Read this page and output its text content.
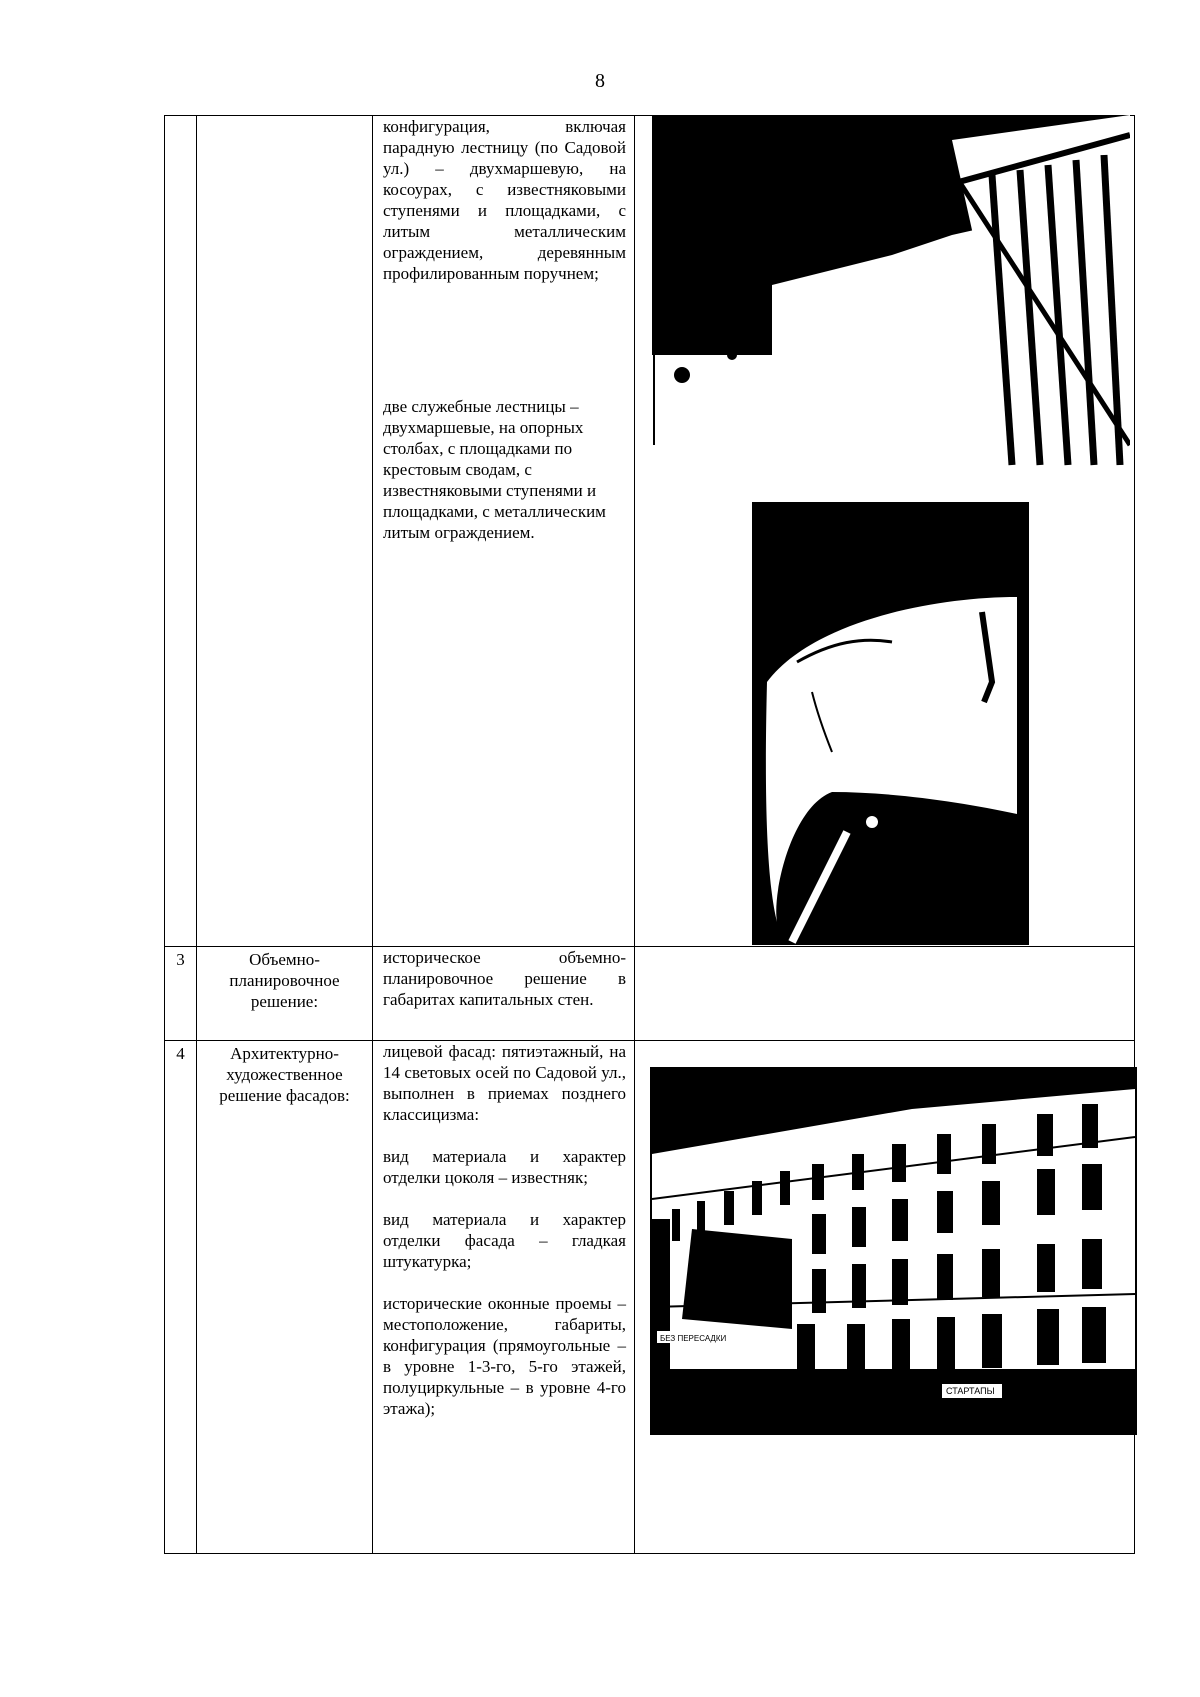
8

		конфигурация, включая парадную лестницу (по Садовой ул.) – двухмаршевую, на косоурах, с известняковыми ступенями и площадками, с литым металлическим ограждением, деревянным профилированным поручнем;

две служебные лестницы – двухмаршевые, на опорных столбах, с площадками по крестовым сводам, с известняковыми ступенями и площадками, с металлическим литым ограждением.	

3	Объемно-планировочное решение:	историческое объемно-планировочное решение в габаритах капитальных стен.	

4	Архитектурно-художественное решение фасадов:	лицевой фасад: пятиэтажный, на 14 световых осей по Садовой ул., выполнен в приемах позднего классицизма:

вид материала и характер отделки цоколя – известняк;

вид материала и характер отделки фасада – гладкая штукатурка;

исторические оконные проемы – местоположение, габариты, конфигурация (прямоугольные – в уровне 1-3-го, 5-го этажей, полуциркульные – в уровне 4-го этажа);	

БЕЗ ПЕРЕСАДКИ
СТАРТАПЫ
